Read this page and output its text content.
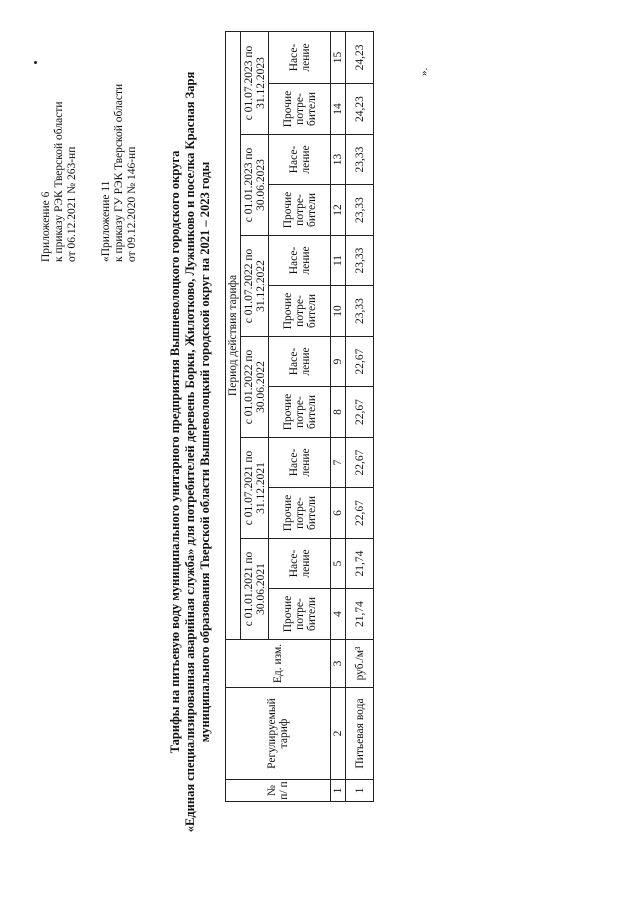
Приложение 6 к приказу РЭК Тверской области от 06.12.2021 № 263-нп «Приложение 11 к приказу ГУ РЭК Тверской области от 09.12.2020 № 146-нп Тарифы на питьевую воду муниципального унитарного предприятия Вышневолоцкого городского округа «Единая специализированная аварийная служба» для потребителей деревень Борки, Жилотково, Лужниково и поселка Красная Заря муниципального образования Тверской области Вышневолоцкий городской округ на 2021 – 2023 годы
№ п/ п	Регулируемый тариф	Ед. изм.	Период действия тарифа											
			с 01.01.2021 по 30.06.2021		с 01.07.2021 по 31.12.2021		с 01.01.2022 по 30.06.2022		с 01.07.2022 по 31.12.2022		с 01.01.2023 по 30.06.2023		с 01.07.2023 по 31.12.2023	
			Прочие потре-бители	Насе-ление	Прочие потре-бители	Насе-ление	Прочие потре-бители	Насе-ление	Прочие потре-бители	Насе-ление	Прочие потре-бители	Насе-ление	Прочие потре-бители	Насе-ление
1	2	3	4	5	6	7	8	9	10	11	12	13	14	15
1	Питьевая вода	руб./м³	21,74	21,74	22,67	22,67	22,67	22,67	23,33	23,33	23,33	23,33	24,23	24,23
».
